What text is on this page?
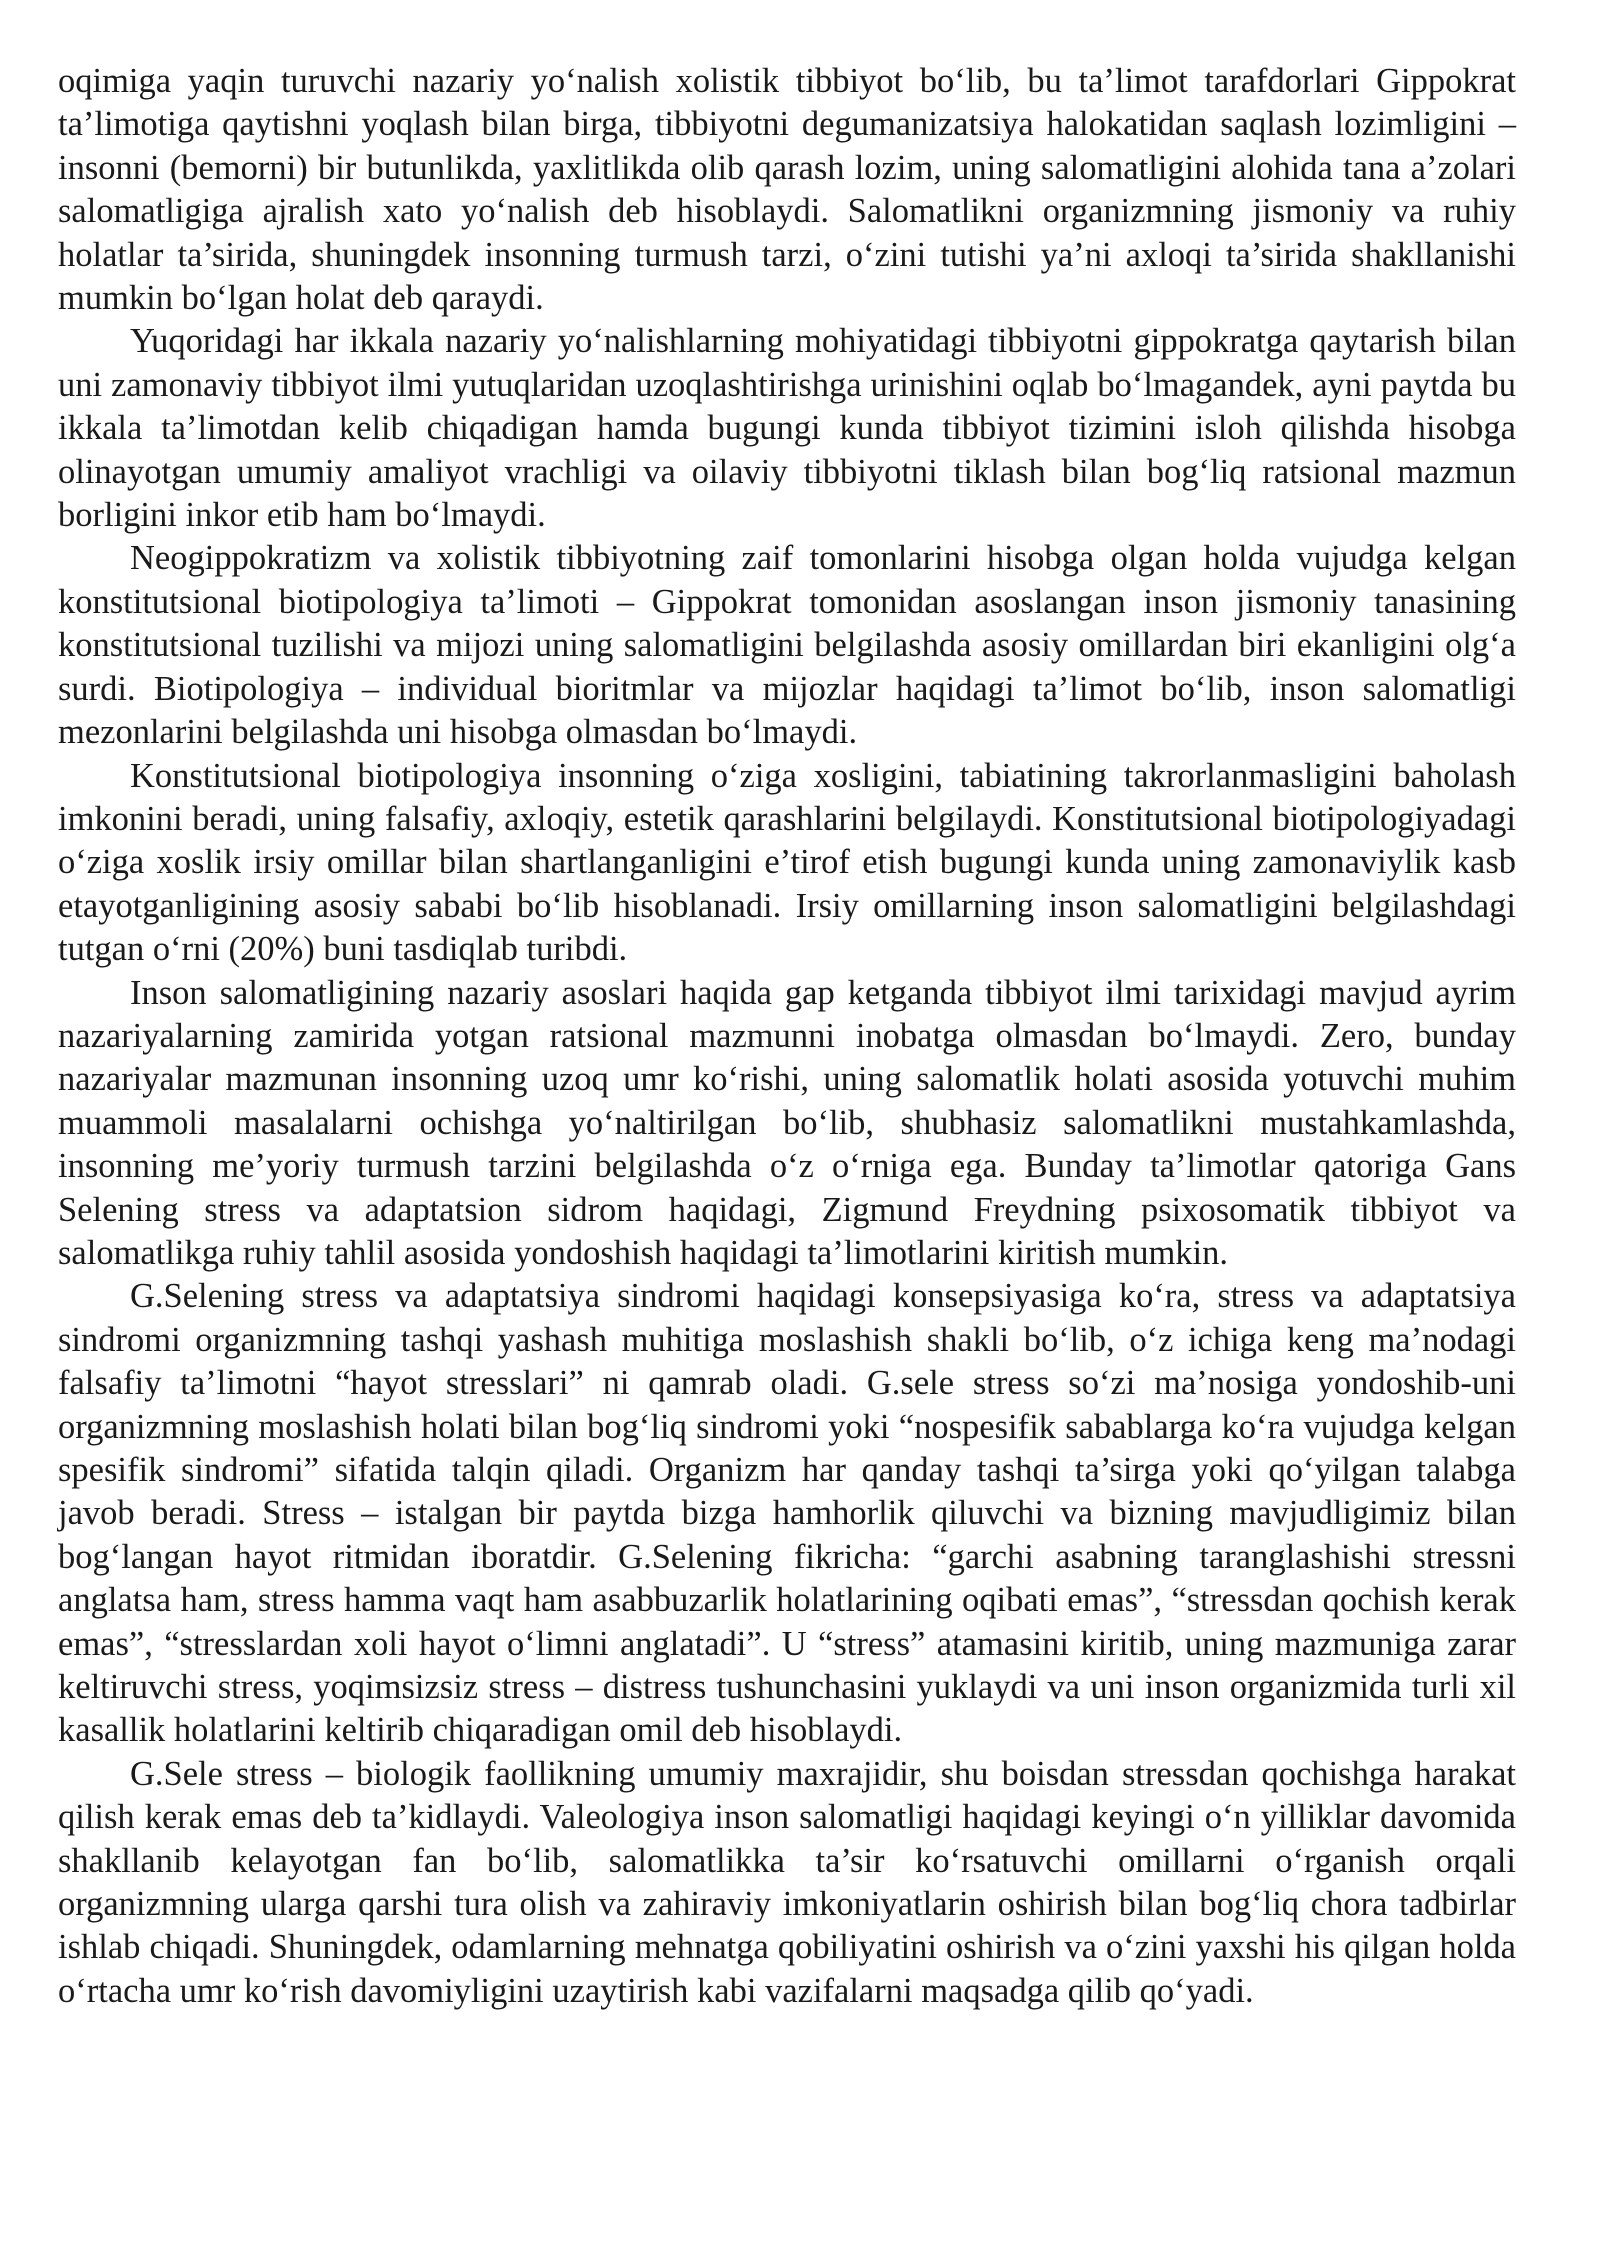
oqimiga yaqin turuvchi nazariy yo‘nalish xolistik tibbiyot bo‘lib, bu ta’limot tarafdorlari Gippokrat ta’limotiga qaytishni yoqlash bilan birga, tibbiyotni degumanizatsiya halokatidan saqlash lozimligini – insonni (bemorni) bir butunlikda, yaxlitlikda olib qarash lozim, uning salomatligini alohida tana a’zolari salomatligiga ajralish xato yo‘nalish deb hisoblaydi. Salomatlikni organizmning jismoniy va ruhiy holatlar ta’sirida, shuningdek insonning turmush tarzi, o‘zini tutishi ya’ni axloqi ta’sirida shakllanishi mumkin bo‘lgan holat deb qaraydi.

Yuqoridagi har ikkala nazariy yo‘nalishlarning mohiyatidagi tibbiyotni gippokratga qaytarish bilan uni zamonaviy tibbiyot ilmi yutuqlaridan uzoqlashtirishga urinishini oqlab bo‘lmagandek, ayni paytda bu ikkala ta’limotdan kelib chiqadigan hamda bugungi kunda tibbiyot tizimini isloh qilishda hisobga olinayotgan umumiy amaliyot vrachligi va oilaviy tibbiyotni tiklash bilan bog‘liq ratsional mazmun borligini inkor etib ham bo‘lmaydi.

Neogippokratizm va xolistik tibbiyotning zaif tomonlarini hisobga olgan holda vujudga kelgan konstitutsional biotipologiya ta’limoti – Gippokrat tomonidan asoslangan inson jismoniy tanasining konstitutsional tuzilishi va mijozi uning salomatligini belgilashda asosiy omillardan biri ekanligini olg‘a surdi. Biotipologiya – individual bioritmlar va mijozlar haqidagi ta’limot bo‘lib, inson salomatligi mezonlarini belgilashda uni hisobga olmasdan bo‘lmaydi.

Konstitutsional biotipologiya insonning o‘ziga xosligini, tabiatining takrorlanmasligini baholash imkonini beradi, uning falsafiy, axloqiy, estetik qarashlarini belgilaydi. Konstitutsional biotipologiyadagi o‘ziga xoslik irsiy omillar bilan shartlanganligini e’tirof etish bugungi kunda uning zamonaviylik kasb etayotganligining asosiy sababi bo‘lib hisoblanadi. Irsiy omillarning inson salomatligini belgilashdagi tutgan o‘rni (20%) buni tasdiqlab turibdi.

Inson salomatligining nazariy asoslari haqida gap ketganda tibbiyot ilmi tarixidagi mavjud ayrim nazariyalarning zamirida yotgan ratsional mazmunni inobatga olmasdan bo‘lmaydi. Zero, bunday nazariyalar mazmunan insonning uzoq umr ko‘rishi, uning salomatlik holati asosida yotuvchi muhim muammoli masalalarni ochishga yo‘naltirilgan bo‘lib, shubhasiz salomatlikni mustahkamlashda, insonning me’yoriy turmush tarzini belgilashda o‘z o‘rniga ega. Bunday ta’limotlar qatoriga Gans Selening stress va adaptatsion sidrom haqidagi, Zigmund Freydning psixosomatik tibbiyot va salomatlikga ruhiy tahlil asosida yondoshish haqidagi ta’limotlarini kiritish mumkin.

G.Selening stress va adaptatsiya sindromi haqidagi konsepsiyasiga ko‘ra, stress va adaptatsiya sindromi organizmning tashqi yashash muhitiga moslashish shakli bo‘lib, o‘z ichiga keng ma’nodagi falsafiy ta’limotni “hayot stresslari” ni qamrab oladi. G.sele stress so‘zi ma’nosiga yondoshib-uni organizmning moslashish holati bilan bog‘liq sindromi yoki “nospesifik sabablarga ko‘ra vujudga kelgan spesifik sindromi” sifatida talqin qiladi. Organizm har qanday tashqi ta’sirga yoki qo‘yilgan talabga javob beradi. Stress – istalgan bir paytda bizga hamhorlik qiluvchi va bizning mavjudligimiz bilan bog‘langan hayot ritmidan iboratdir. G.Selening fikricha: “garchi asabning taranglashishi stressni anglatsa ham, stress hamma vaqt ham asabbuzarlik holatlarining oqibati emas”, “stressdan qochish kerak emas”, “stresslardan xoli hayot o‘limni anglatadi”. U “stress” atamasini kiritib, uning mazmuniga zarar keltiruvchi stress, yoqimsizsiz stress – distress tushunchasini yuklaydi va uni inson organizmida turli xil kasallik holatlarini keltirib chiqaradigan omil deb hisoblaydi.

G.Sele stress – biologik faollikning umumiy maxrajidir, shu boisdan stressdan qochishga harakat qilish kerak emas deb ta’kidlaydi. Valeologiya inson salomatligi haqidagi keyingi o‘n yilliklar davomida shakllanib kelayotgan fan bo‘lib, salomatlikka ta’sir ko‘rsatuvchi omillarni o‘rganish orqali organizmning ularga qarshi tura olish va zahiraviy imkoniyatlarin oshirish bilan bog‘liq chora tadbirlar ishlab chiqadi. Shuningdek, odamlarning mehnatga qobiliyatini oshirish va o‘zini yaxshi his qilgan holda o‘rtacha umr ko‘rish davomiyligini uzaytirish kabi vazifalarni maqsadga qilib qo‘yadi.
